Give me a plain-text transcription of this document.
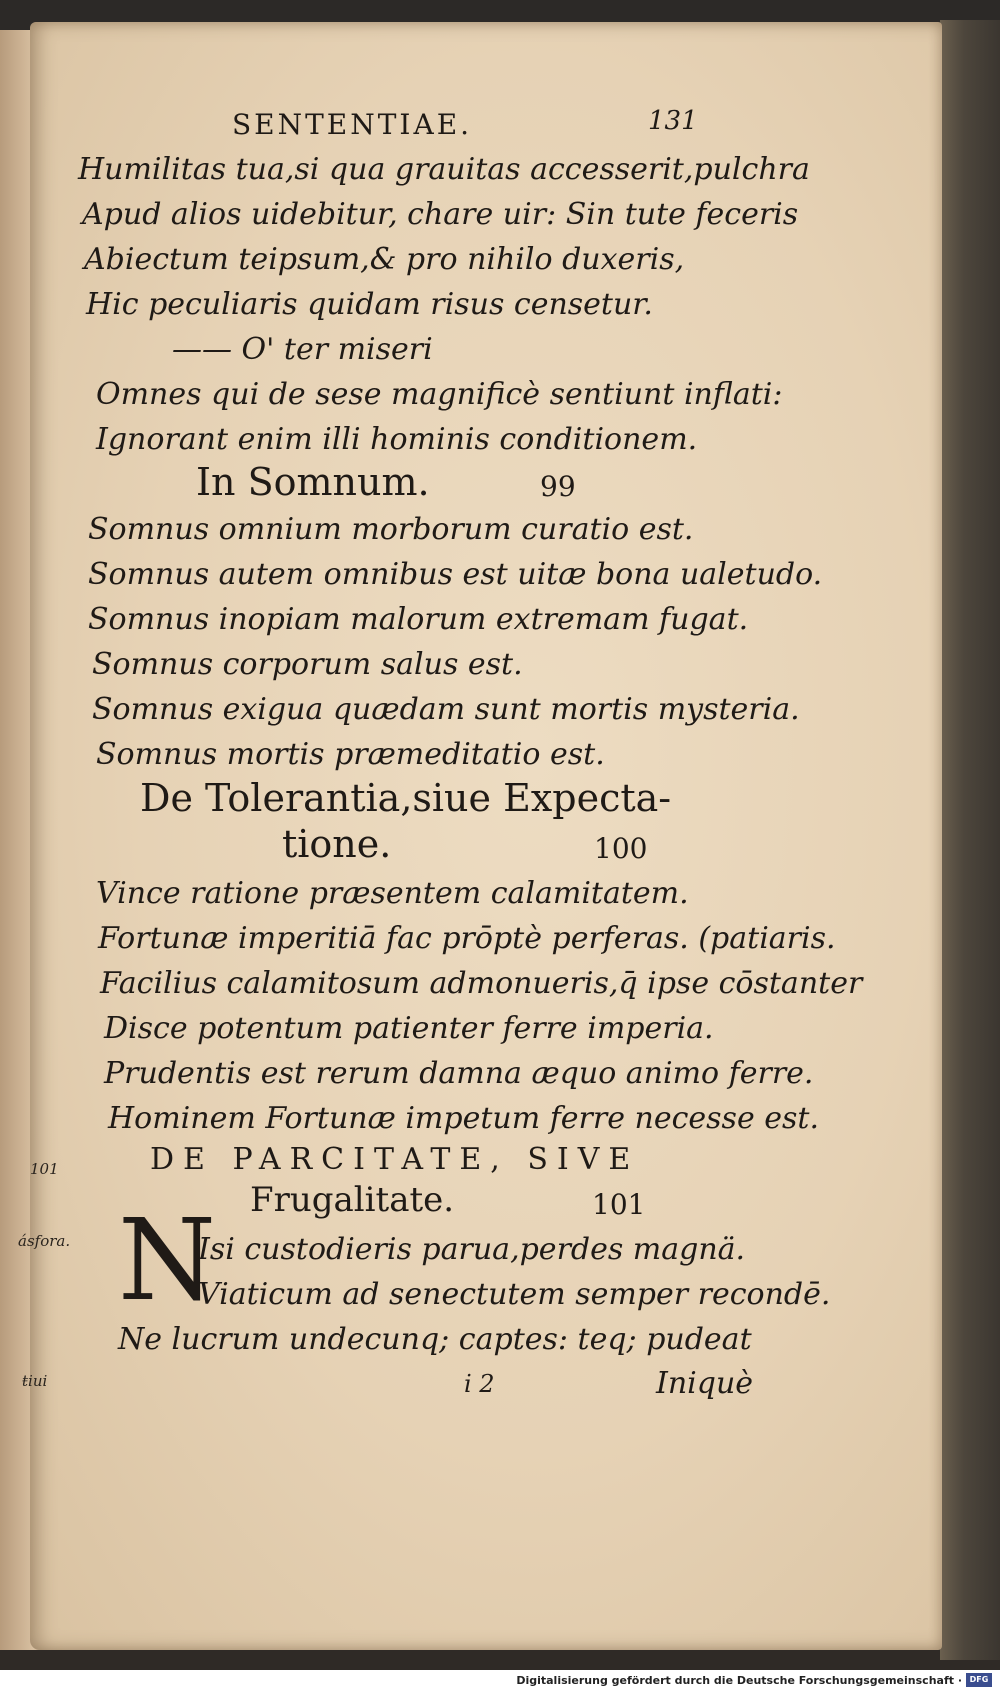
101
ásfora.
ŧiui
SENTENTIAE.	131
Humilitas tua,si qua grauitas accesserit,pulchra
Apud alios uidebitur, chare uir: Sin tute feceris
Abiectum teipsum,& pro nihilo duxeris,
Hic peculiaris quidam risus censetur.
—— O' ter miseri
Omnes qui de sese magnificè sentiunt inflati:
Ignorant enim illi hominis conditionem.
In Somnum.	99
Somnus omnium morborum curatio est.
Somnus autem omnibus est uitæ bona ualetudo.
Somnus inopiam malorum extremam fugat.
Somnus corporum salus est.
Somnus exigua quædam sunt mortis mysteria.
Somnus mortis præmeditatio est.
De Tolerantia,siue Expecta-
tione.	100
Vince ratione præsentem calamitatem.
Fortunæ imperitiā fac prōptè perferas. (patiaris.
Facilius calamitosum admonueris,q̄ ipse cōstanter
Disce potentum patienter ferre imperia.
Prudentis est rerum damna æquo animo ferre.
Hominem Fortunæ impetum ferre necesse est.
DE PARCITATE, SIVE
Frugalitate.	101
N
Isi custodieris parua,perdes magnä.
Viaticum ad senectutem semper recondē.
Ne lucrum undecunq; captes: teq; pudeat
i 2	Iniquè
Digitalisierung gefördert durch die Deutsche Forschungsgemeinschaft · DFG
